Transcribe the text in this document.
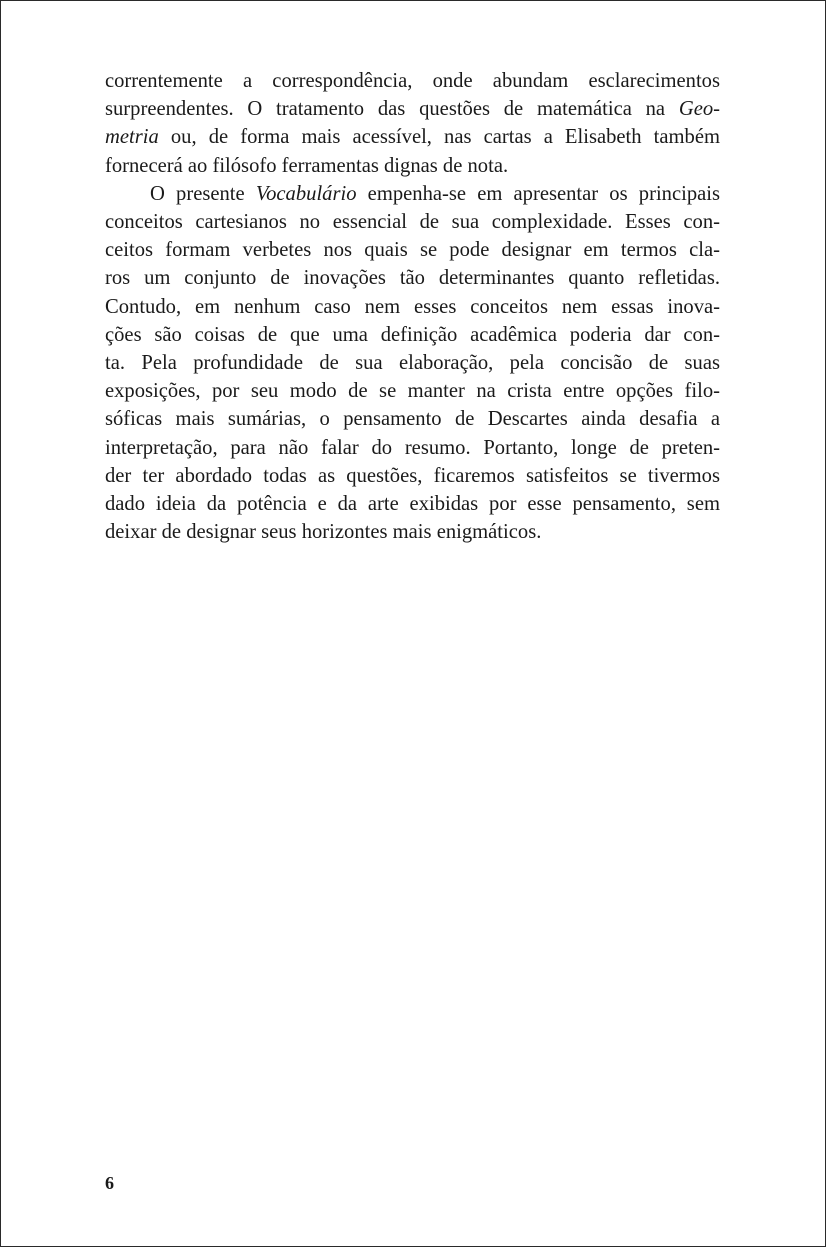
correntemente a correspondência, onde abundam esclarecimentos
surpreendentes. O tratamento das questões de matemática na Geo-
metria ou, de forma mais acessível, nas cartas a Elisabeth também
fornecerá ao filósofo ferramentas dignas de nota.
O presente Vocabulário empenha-se em apresentar os principais
conceitos cartesianos no essencial de sua complexidade. Esses con-
ceitos formam verbetes nos quais se pode designar em termos cla-
ros um conjunto de inovações tão determinantes quanto refletidas.
Contudo, em nenhum caso nem esses conceitos nem essas inova-
ções são coisas de que uma definição acadêmica poderia dar con-
ta. Pela profundidade de sua elaboração, pela concisão de suas
exposições, por seu modo de se manter na crista entre opções filo-
sóficas mais sumárias, o pensamento de Descartes ainda desafia a
interpretação, para não falar do resumo. Portanto, longe de preten-
der ter abordado todas as questões, ficaremos satisfeitos se tivermos
dado ideia da potência e da arte exibidas por esse pensamento, sem
deixar de designar seus horizontes mais enigmáticos.
6
